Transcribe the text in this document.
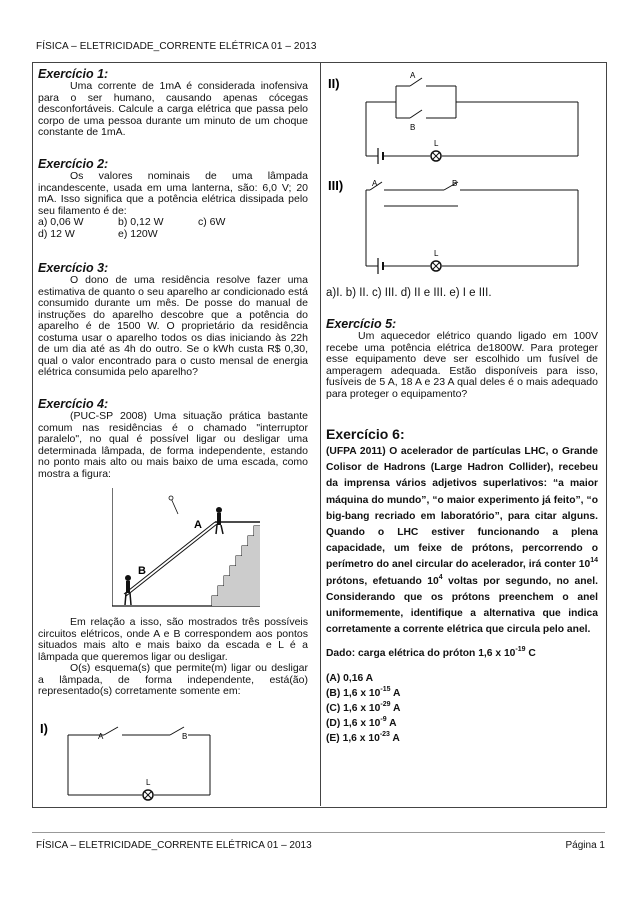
FÍSICA – ELETRICIDADE_CORRENTE ELÉTRICA 01 – 2013

Exercício 1:

Uma corrente de 1mA é considerada inofensiva para o ser humano, causando apenas cócegas desconfortáveis. Calcule a carga elétrica que passa pelo corpo de uma pessoa durante um minuto de um choque constante de 1mA.

Exercício 2:

Os valores nominais de uma lâmpada incandescente, usada em uma lanterna, são: 6,0 V; 20 mA. Isso significa que a potência elétrica dissipada pelo seu filamento é de:

a) 0,06 W	b) 0,12 W	c) 6W
d) 12 W	e) 120W

Exercício 3:

O dono de uma residência resolve fazer uma estimativa de quanto o seu aparelho ar condicionado está consumido durante um mês. De posse do manual de instruções do aparelho descobre que a potência do aparelho é de 1500 W. O proprietário da residência costuma usar o aparelho todos os dias iniciando às 22h de um dia até as 4h do outro. Se o kWh custa R$ 0,30, qual o valor encontrado para o custo mensal de energia elétrica consumida pelo aparelho?

Exercício 4:

(PUC-SP 2008) Uma situação prática bastante comum nas residências é o chamado "interruptor paralelo", no qual é possível ligar ou desligar uma determinada lâmpada, de forma independente, estando no ponto mais alto ou mais baixo de uma escada, como mostra a figura:

A
B

Em relação a isso, são mostrados três possíveis circuitos elétricos, onde A e B correspondem aos pontos situados mais alto e mais baixo da escada e L é a lâmpada que queremos ligar ou desligar.

O(s) esquema(s) que permite(m) ligar ou desligar a lâmpada, de forma independente, está(ão) representado(s) corretamente somente em:

I)
A	B
L
II)
A
B
L
III)	A	B
L

a)I. b) II. c) III. d) II e III. e) I e III.

Exercício 5:

Um aquecedor elétrico quando ligado em 100V recebe uma potência elétrica de1800W. Para proteger esse equipamento deve ser escolhido um fusível de amperagem adequada. Estão disponíveis para isso, fusíveis de 5 A, 18 A e 23 A qual deles é o mais adequado para proteger o equipamento?

Exercício 6:

(UFPA 2011) O acelerador de partículas LHC, o Grande Colisor de Hadrons (Large Hadron Collider), recebeu da imprensa vários adjetivos superlativos: “a maior máquina do mundo”, “o maior experimento já feito”, “o big-bang recriado em laboratório”, para citar alguns. Quando o LHC estiver funcionando a plena capacidade, um feixe de prótons, percorrendo o perímetro do anel circular do acelerador, irá conter $10^{14}$ prótons, efetuando $10^4$ voltas por segundo, no anel. Considerando que os prótons preenchem o anel uniformemente, identifique a alternativa que indica corretamente a corrente elétrica que circula pelo anel.

Dado: carga elétrica do próton 1,6 x $10^{-19}$ C

(A) 0,16 A

(B) 1,6 x $10^{-15}$ A

(C) 1,6 x $10^{-29}$ A

(D) 1,6 x $10^{-9}$ A

(E) 1,6 x $10^{-23}$ A

FÍSICA – ELETRICIDADE_CORRENTE ELÉTRICA 01 – 2013	Página 1
